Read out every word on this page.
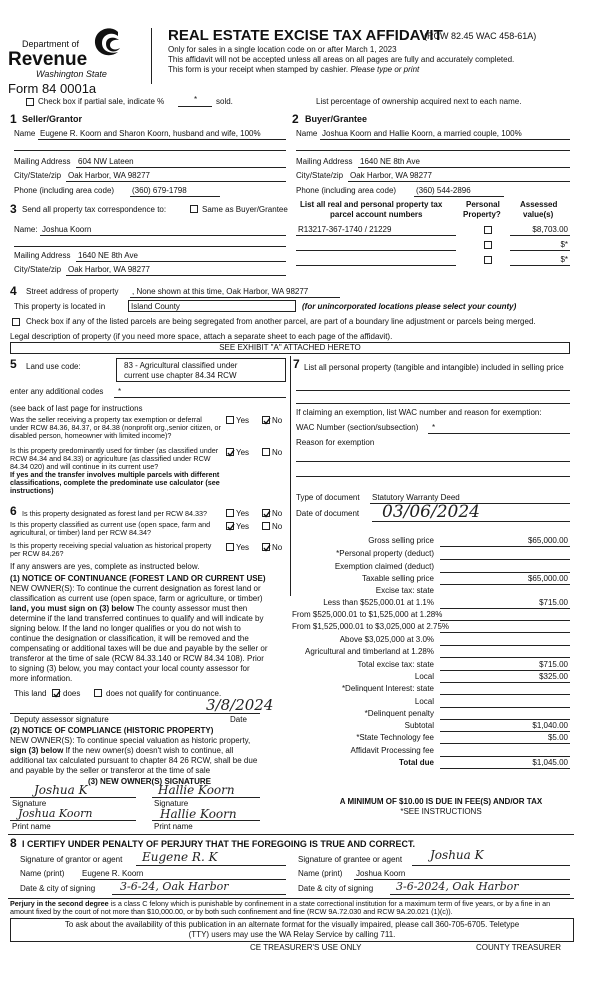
Department of
Revenue
Washington State
Form 84 0001a
REAL ESTATE EXCISE TAX AFFIDAVIT
(RCW 82.45 WAC 458-61A)
Only for sales in a single location code on or after March 1, 2023
This affidavit will not be accepted unless all areas on all pages are fully and accurately completed.
This form is your receipt when stamped by cashier. Please type or print
Check box if partial sale, indicate %	* sold.	List percentage of ownership acquired next to each name.
1 Seller/Grantor
Name Eugene R. Koorn and Sharon Koorn, husband and wife, 100%
Mailing Address 604 NW Lateen
City/State/zip Oak Harbor, WA 98277
Phone (including area code) (360) 679-1798
2 Buyer/Grantee
Name Joshua Koorn and Hallie Koorn, a married couple, 100%
Mailing Address 1640 NE 8th Ave
City/State/zip Oak Harbor, WA 98277
Phone (including area code) (360) 544-2896
3 Send all property tax correspondence to:	Same as Buyer/Grantee
Name: Joshua Koorn
Mailing Address 1640 NE 8th Ave
City/State/zip Oak Harbor, WA 98277
List all real and personal property tax
parcel account numbers
Personal
Property?
Assessed
value(s)
R13217-367-1740 / 21229	$8,703.00
$*
$*
4 Street address of property , None shown at this time, Oak Harbor, WA 98277
This property is located in	Island County	(for unincorporated locations please select your county)
Check box if any of the listed parcels are being segregated from another parcel, are part of a boundary line adjustment or parcels being merged.
Legal description of property (if you need more space, attach a separate sheet to each page of the affidavit).
SEE EXHIBIT "A" ATTACHED HERETO
5 Land use code:	83 - Agricultural classified under
current use chapter 84.34 RCW
enter any additional codes *
(see back of last page for instructions
Was the seller receiving a property tax exemption or deferral under RCW 84.36, 84.37, or 84.38 (nonprofit org.,senior citizen, or disabled person, homeowner with limited income)?
Yes	No
Is this property predominantly used for timber (as classified under RCW 84.34 and 84.33) or agriculture (as classified under RCW 84.34 020) and will continue in its current use?
If yes and the transfer involves multiple parcels with different classifications, complete the predominate use calculator (see instructions)
Yes	No
7 List all personal property (tangible and intangible) included in selling price
If claiming an exemption, list WAC number and reason for exemption:
WAC Number (section/subsection) *
Reason for exemption
Type of document Statutory Warranty Deed
Date of document 03/06/2024
6 Is this property designated as forest land per RCW 84.33?	Yes	No
Is this property classified as current use (open space, farm and agricultural, or timber) land per RCW 84.34?
Yes	No
Is this property receiving special valuation as historical property per RCW 84.26?
Yes	No
If any answers are yes, complete as instructed below.
(1) NOTICE OF CONTINUANCE (FOREST LAND OR CURRENT USE)
NEW OWNER(S): To continue the current designation as forest land or
classification as current use (open space, farm or agriculture, or timber)
land, you must sign on (3) below The county assessor must then
determine if the land transferred continues to qualify and will indicate by
signing below. If the land no longer qualifies or you do not wish to
continue the designation or classification, it will be removed and the
compensating or additional taxes will be due and payable by the seller or
transferor at the time of sale (RCW 84.33.140 or RCW 84.34 108). Prior
to signing (3) below, you may contact your local county assessor for
more information.
This land does	does not qualify for continuance.
3/8/2024
Deputy assessor signature	Date
(2) NOTICE OF COMPLIANCE (HISTORIC PROPERTY)
NEW OWNER(S): To continue special valuation as historic property,
sign (3) below If the new owner(s) doesn't wish to continue, all
additional tax calculated pursuant to chapter 84 26 RCW, shall be due
and payable by the seller or transferor at the time of sale
(3) NEW OWNER(S) SIGNATURE
Joshua K	Hallie Koorn
Signature	Signature
Joshua Koorn	Hallie Koorn
Print name	Print name
Gross selling price	$65,000.00
*Personal property (deduct)
Exemption claimed (deduct)
Taxable selling price	$65,000.00
Excise tax: state
Less than $525,000.01 at 1.1%	$715.00
From $525,000.01 to $1,525,000 at 1.28%
From $1,525,000.01 to $3,025,000 at 2.75%
Above $3,025,000 at 3.0%
Agricultural and timberland at 1.28%
Total excise tax: state	$715.00
Local	$325.00
*Delinquent Interest: state
Local
*Delinquent penalty
Subtotal	$1,040.00
*State Technology fee	$5.00
Affidavit Processing fee
Total due	$1,045.00
A MINIMUM OF $10.00 IS DUE IN FEE(S) AND/OR TAX
*SEE INSTRUCTIONS
8 I CERTIFY UNDER PENALTY OF PERJURY THAT THE FOREGOING IS TRUE AND CORRECT.
Signature of grantor or agent Eugene R. K	Signature of grantee or agent Joshua K
Name (print) Eugene R. Koorn	Name (print) Joshua Koorn
Date & city of signing 3-6-24, Oak Harbor	Date & city of signing 3-6-2024, Oak Harbor
Perjury in the second degree is a class C felony which is punishable by confinement in a state correctional institution for a maximum term of five years, or by a fine in an amount fixed by the court of not more than $10,000.00, or by both such confinement and fine (RCW 9A.72.030 and RCW 9A.20.021 (1)(c)).
To ask about the availability of this publication in an alternate format for the visually impaired, please call 360-705-6705. Teletype
(TTY) users may use the WA Relay Service by calling 711.
CE TREASURER'S USE ONLY	COUNTY TREASURER
